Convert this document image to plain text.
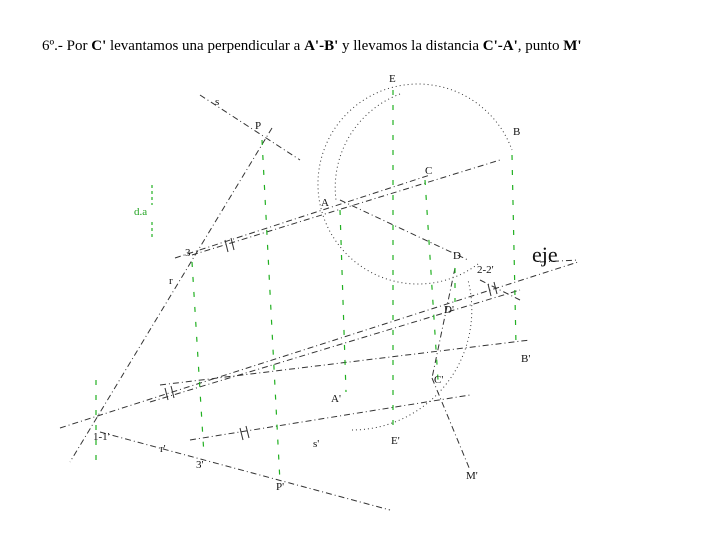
6º.- Por C' levantamos una perpendicular a A'-B' y llevamos la distancia C'-A', punto M'
s
P
E
B
C
A
D
d.a
eje
2-2'
3
r
D'
B'
C'
A'
1-1'
r'	s'	E'
3'
P'
M'
